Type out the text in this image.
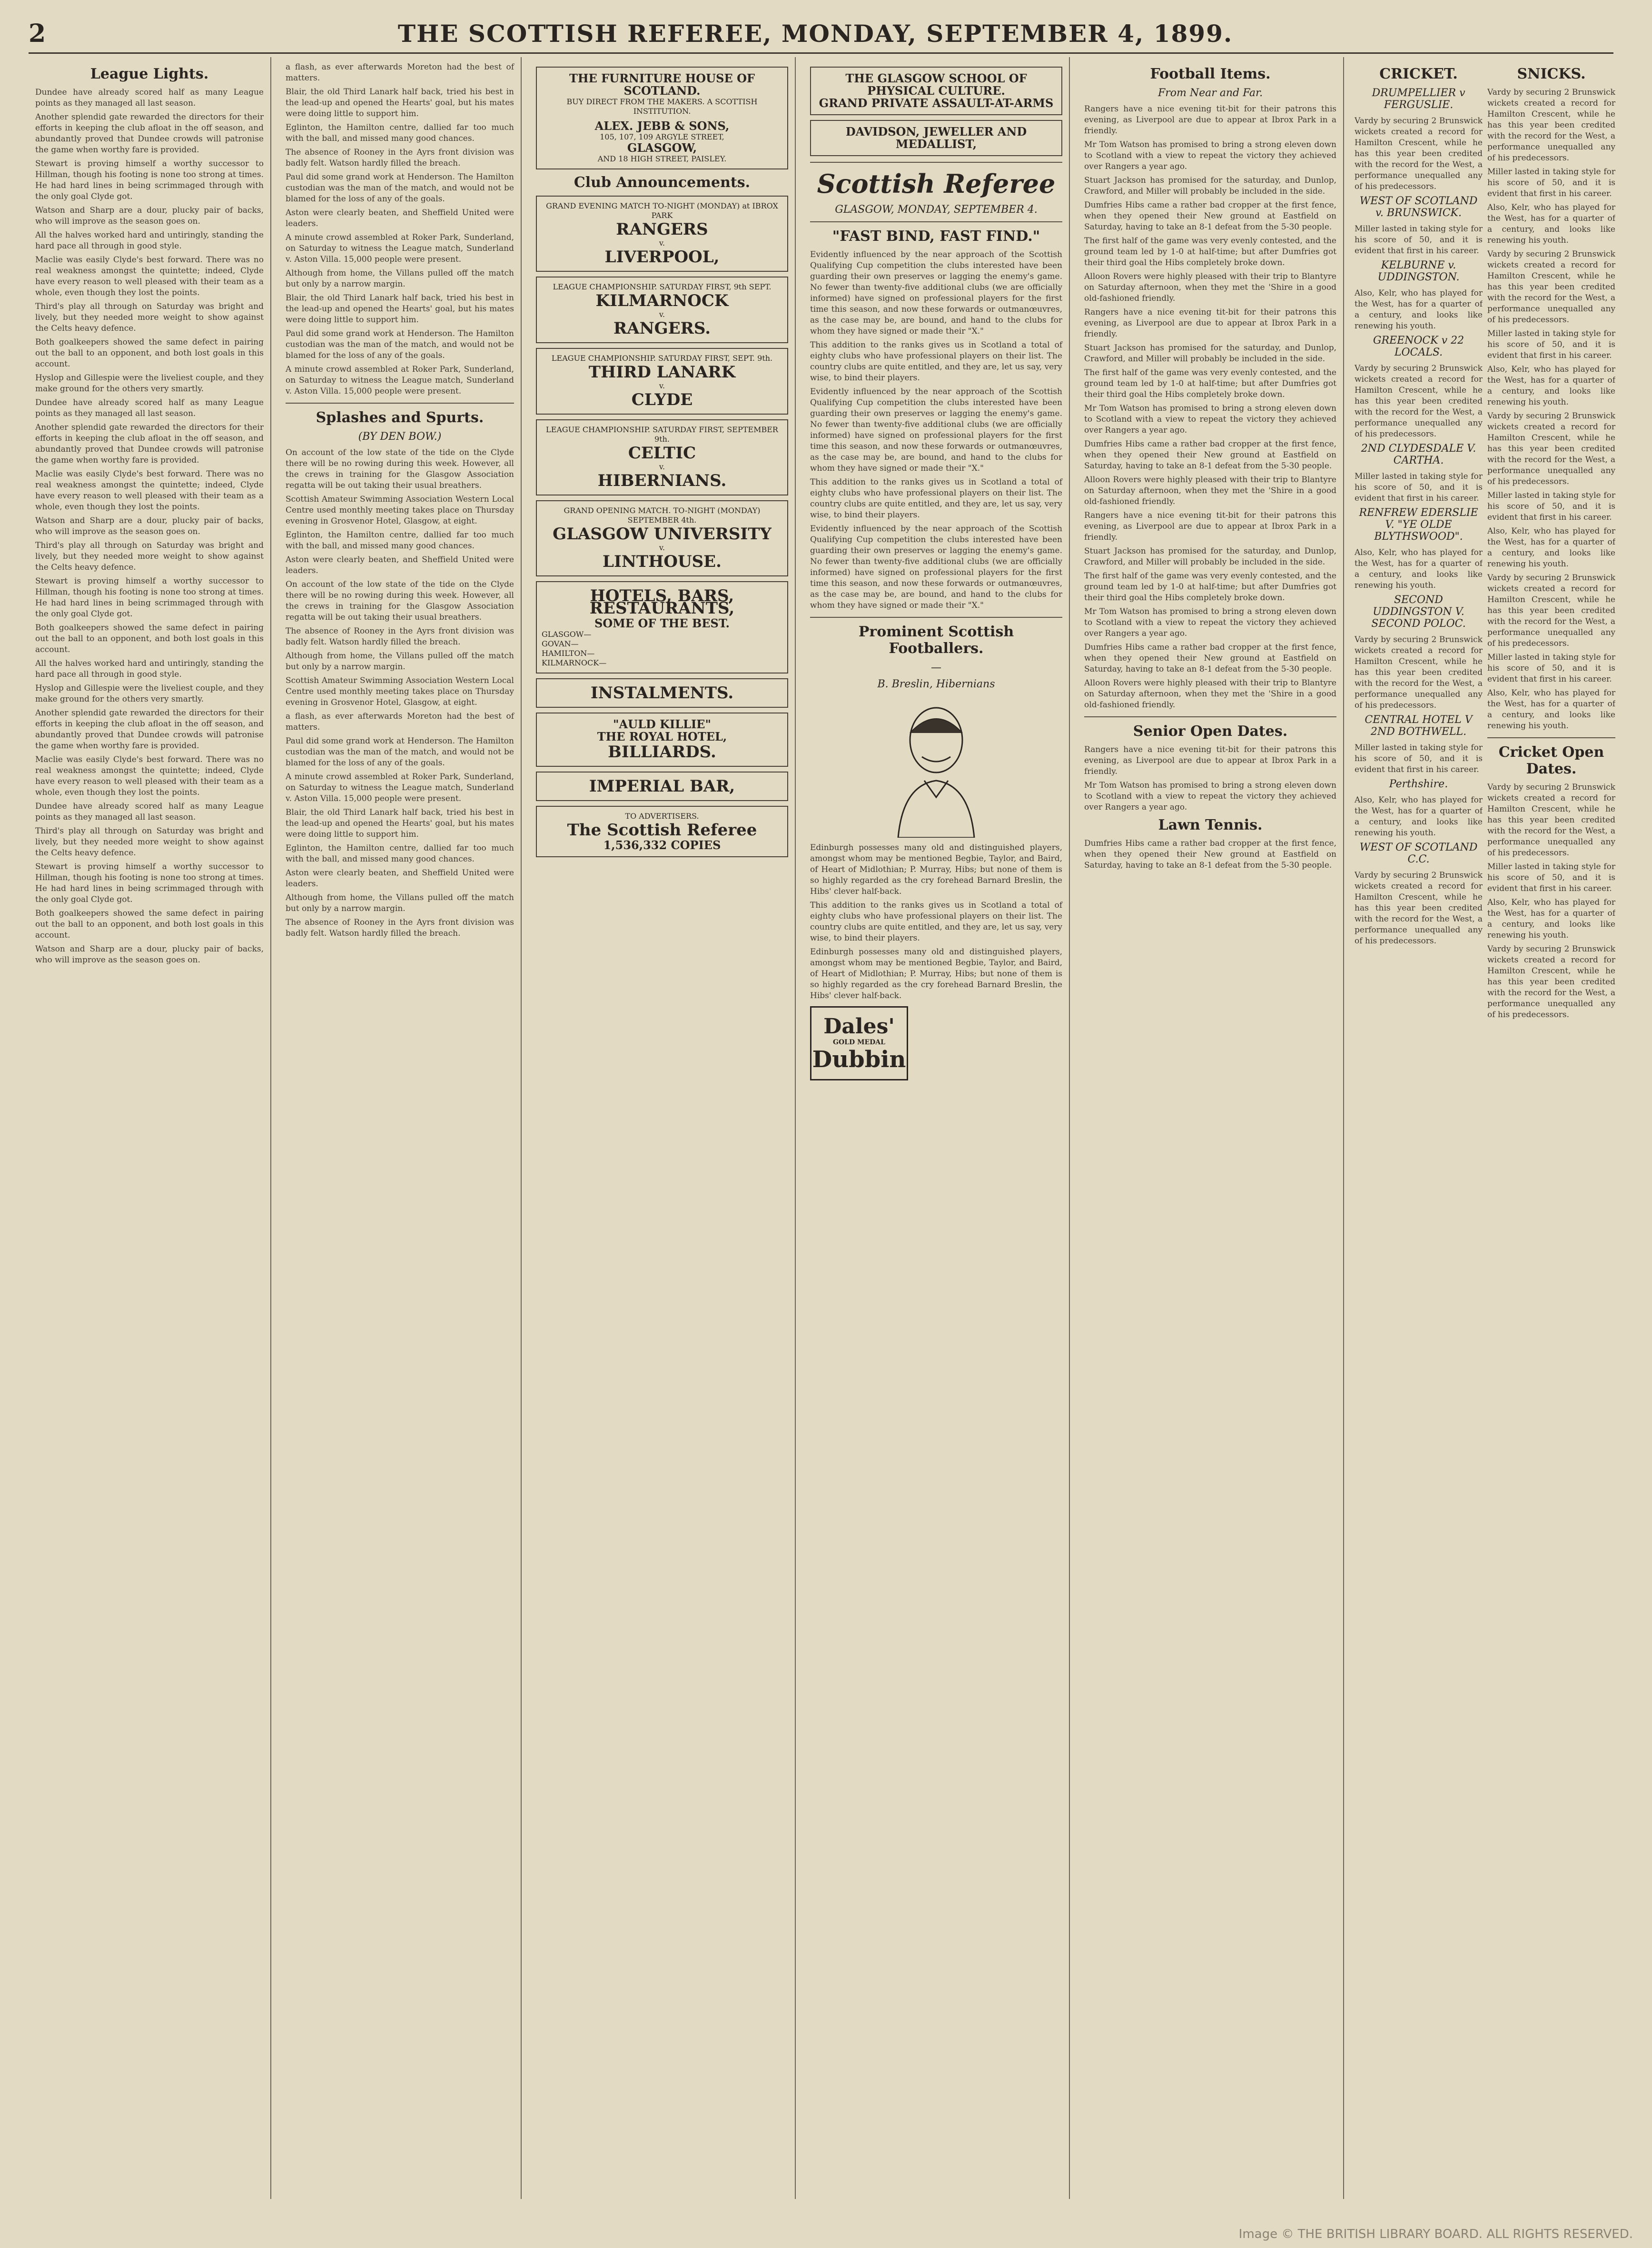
2	THE SCOTTISH REFEREE, MONDAY, SEPTEMBER 4, 1899.
League Lights.
Dundee have already scored half as many League points as they managed all last season.
Another splendid gate rewarded the directors for their efforts in keeping the club afloat in the off season, and abundantly proved that Dundee crowds will patronise the game when worthy fare is provided.
Stewart is proving himself a worthy successor to Hillman, though his footing is none too strong at times. He had hard lines in being scrimmaged through with the only goal Clyde got.
Watson and Sharp are a dour, plucky pair of backs, who will improve as the season goes on.
All the halves worked hard and untiringly, standing the hard pace all through in good style.
Maclie was easily Clyde's best forward. There was no real weakness amongst the quintette; indeed, Clyde have every reason to well pleased with their team as a whole, even though they lost the points.
Third's play all through on Saturday was bright and lively, but they needed more weight to show against the Celts heavy defence.
Both goalkeepers showed the same defect in pairing out the ball to an opponent, and both lost goals in this account.
Hyslop and Gillespie were the liveliest couple, and they make ground for the others very smartly.
Dundee have already scored half as many League points as they managed all last season.
Another splendid gate rewarded the directors for their efforts in keeping the club afloat in the off season, and abundantly proved that Dundee crowds will patronise the game when worthy fare is provided.
Maclie was easily Clyde's best forward. There was no real weakness amongst the quintette; indeed, Clyde have every reason to well pleased with their team as a whole, even though they lost the points.
Watson and Sharp are a dour, plucky pair of backs, who will improve as the season goes on.
Third's play all through on Saturday was bright and lively, but they needed more weight to show against the Celts heavy defence.
Stewart is proving himself a worthy successor to Hillman, though his footing is none too strong at times. He had hard lines in being scrimmaged through with the only goal Clyde got.
Both goalkeepers showed the same defect in pairing out the ball to an opponent, and both lost goals in this account.
All the halves worked hard and untiringly, standing the hard pace all through in good style.
Hyslop and Gillespie were the liveliest couple, and they make ground for the others very smartly.
Another splendid gate rewarded the directors for their efforts in keeping the club afloat in the off season, and abundantly proved that Dundee crowds will patronise the game when worthy fare is provided.
Maclie was easily Clyde's best forward. There was no real weakness amongst the quintette; indeed, Clyde have every reason to well pleased with their team as a whole, even though they lost the points.
Dundee have already scored half as many League points as they managed all last season.
Third's play all through on Saturday was bright and lively, but they needed more weight to show against the Celts heavy defence.
Stewart is proving himself a worthy successor to Hillman, though his footing is none too strong at times. He had hard lines in being scrimmaged through with the only goal Clyde got.
Both goalkeepers showed the same defect in pairing out the ball to an opponent, and both lost goals in this account.
Watson and Sharp are a dour, plucky pair of backs, who will improve as the season goes on.
a flash, as ever afterwards Moreton had the best of matters.
Blair, the old Third Lanark half back, tried his best in the lead-up and opened the Hearts' goal, but his mates were doing little to support him.
Eglinton, the Hamilton centre, dallied far too much with the ball, and missed many good chances.
The absence of Rooney in the Ayrs front division was badly felt. Watson hardly filled the breach.
Paul did some grand work at Henderson. The Hamilton custodian was the man of the match, and would not be blamed for the loss of any of the goals.
Aston were clearly beaten, and Sheffield United were leaders.
A minute crowd assembled at Roker Park, Sunderland, on Saturday to witness the League match, Sunderland v. Aston Villa. 15,000 people were present.
Although from home, the Villans pulled off the match but only by a narrow margin.
Blair, the old Third Lanark half back, tried his best in the lead-up and opened the Hearts' goal, but his mates were doing little to support him.
Paul did some grand work at Henderson. The Hamilton custodian was the man of the match, and would not be blamed for the loss of any of the goals.
A minute crowd assembled at Roker Park, Sunderland, on Saturday to witness the League match, Sunderland v. Aston Villa. 15,000 people were present.
Splashes and Spurts.
(BY DEN BOW.)
On account of the low state of the tide on the Clyde there will be no rowing during this week. However, all the crews in training for the Glasgow Association regatta will be out taking their usual breathers.
Scottish Amateur Swimming Association Western Local Centre used monthly meeting takes place on Thursday evening in Grosvenor Hotel, Glasgow, at eight.
Eglinton, the Hamilton centre, dallied far too much with the ball, and missed many good chances.
Aston were clearly beaten, and Sheffield United were leaders.
On account of the low state of the tide on the Clyde there will be no rowing during this week. However, all the crews in training for the Glasgow Association regatta will be out taking their usual breathers.
The absence of Rooney in the Ayrs front division was badly felt. Watson hardly filled the breach.
Although from home, the Villans pulled off the match but only by a narrow margin.
Scottish Amateur Swimming Association Western Local Centre used monthly meeting takes place on Thursday evening in Grosvenor Hotel, Glasgow, at eight.
a flash, as ever afterwards Moreton had the best of matters.
Paul did some grand work at Henderson. The Hamilton custodian was the man of the match, and would not be blamed for the loss of any of the goals.
A minute crowd assembled at Roker Park, Sunderland, on Saturday to witness the League match, Sunderland v. Aston Villa. 15,000 people were present.
Blair, the old Third Lanark half back, tried his best in the lead-up and opened the Hearts' goal, but his mates were doing little to support him.
Eglinton, the Hamilton centre, dallied far too much with the ball, and missed many good chances.
Aston were clearly beaten, and Sheffield United were leaders.
Although from home, the Villans pulled off the match but only by a narrow margin.
The absence of Rooney in the Ayrs front division was badly felt. Watson hardly filled the breach.
THE FURNITURE HOUSE OF SCOTLAND.
BUY DIRECT FROM THE MAKERS. A SCOTTISH INSTITUTION.
ALEX. JEBB & SONS,
105, 107, 109 ARGYLE STREET,
GLASGOW,
AND 18 HIGH STREET, PAISLEY.
Club Announcements.
GRAND EVENING MATCH TO-NIGHT (MONDAY) at IBROX PARK
RANGERS
v.
LIVERPOOL,
LEAGUE CHAMPIONSHIP. SATURDAY FIRST, 9th SEPT.
KILMARNOCK
v.
RANGERS.
LEAGUE CHAMPIONSHIP. SATURDAY FIRST, SEPT. 9th.
THIRD LANARK
v.
CLYDE
LEAGUE CHAMPIONSHIP. SATURDAY FIRST, SEPTEMBER 9th.
CELTIC
v.
HIBERNIANS.
GRAND OPENING MATCH. TO-NIGHT (MONDAY) SEPTEMBER 4th.
GLASGOW UNIVERSITY
v.
LINTHOUSE.
HOTELS, BARS, RESTAURANTS,
SOME OF THE BEST.
GLASGOW—
GOVAN—
HAMILTON—
KILMARNOCK—
INSTALMENTS.
"AULD KILLIE"
THE ROYAL HOTEL,
BILLIARDS.
IMPERIAL BAR,
TO ADVERTISERS.
The Scottish Referee
1,536,332 COPIES
THE GLASGOW SCHOOL OF PHYSICAL CULTURE.
GRAND PRIVATE ASSAULT-AT-ARMS
DAVIDSON, JEWELLER AND MEDALLIST,
Scottish Referee
GLASGOW, MONDAY, SEPTEMBER 4.
"FAST BIND, FAST FIND."
Evidently influenced by the near approach of the Scottish Qualifying Cup competition the clubs interested have been guarding their own preserves or lagging the enemy's game. No fewer than twenty-five additional clubs (we are officially informed) have signed on professional players for the first time this season, and now these forwards or outmanœuvres, as the case may be, are bound, and hand to the clubs for whom they have signed or made their "X."
This addition to the ranks gives us in Scotland a total of eighty clubs who have professional players on their list. The country clubs are quite entitled, and they are, let us say, very wise, to bind their players.
Evidently influenced by the near approach of the Scottish Qualifying Cup competition the clubs interested have been guarding their own preserves or lagging the enemy's game. No fewer than twenty-five additional clubs (we are officially informed) have signed on professional players for the first time this season, and now these forwards or outmanœuvres, as the case may be, are bound, and hand to the clubs for whom they have signed or made their "X."
This addition to the ranks gives us in Scotland a total of eighty clubs who have professional players on their list. The country clubs are quite entitled, and they are, let us say, very wise, to bind their players.
Evidently influenced by the near approach of the Scottish Qualifying Cup competition the clubs interested have been guarding their own preserves or lagging the enemy's game. No fewer than twenty-five additional clubs (we are officially informed) have signed on professional players for the first time this season, and now these forwards or outmanœuvres, as the case may be, are bound, and hand to the clubs for whom they have signed or made their "X."
Prominent Scottish Footballers.
—
B. Breslin, Hibernians
Edinburgh possesses many old and distinguished players, amongst whom may be mentioned Begbie, Taylor, and Baird, of Heart of Midlothian; P. Murray, Hibs; but none of them is so highly regarded as the cry forehead Barnard Breslin, the Hibs' clever half-back.
This addition to the ranks gives us in Scotland a total of eighty clubs who have professional players on their list. The country clubs are quite entitled, and they are, let us say, very wise, to bind their players.
Edinburgh possesses many old and distinguished players, amongst whom may be mentioned Begbie, Taylor, and Baird, of Heart of Midlothian; P. Murray, Hibs; but none of them is so highly regarded as the cry forehead Barnard Breslin, the Hibs' clever half-back.
Dales'
GOLD MEDAL
Dubbin
Football Items.
From Near and Far.
Rangers have a nice evening tit-bit for their patrons this evening, as Liverpool are due to appear at Ibrox Park in a friendly.
Mr Tom Watson has promised to bring a strong eleven down to Scotland with a view to repeat the victory they achieved over Rangers a year ago.
Stuart Jackson has promised for the saturday, and Dunlop, Crawford, and Miller will probably be included in the side.
Dumfries Hibs came a rather bad cropper at the first fence, when they opened their New ground at Eastfield on Saturday, having to take an 8-1 defeat from the 5-30 people.
The first half of the game was very evenly contested, and the ground team led by 1-0 at half-time; but after Dumfries got their third goal the Hibs completely broke down.
Alloon Rovers were highly pleased with their trip to Blantyre on Saturday afternoon, when they met the 'Shire in a good old-fashioned friendly.
Rangers have a nice evening tit-bit for their patrons this evening, as Liverpool are due to appear at Ibrox Park in a friendly.
Stuart Jackson has promised for the saturday, and Dunlop, Crawford, and Miller will probably be included in the side.
The first half of the game was very evenly contested, and the ground team led by 1-0 at half-time; but after Dumfries got their third goal the Hibs completely broke down.
Mr Tom Watson has promised to bring a strong eleven down to Scotland with a view to repeat the victory they achieved over Rangers a year ago.
Dumfries Hibs came a rather bad cropper at the first fence, when they opened their New ground at Eastfield on Saturday, having to take an 8-1 defeat from the 5-30 people.
Alloon Rovers were highly pleased with their trip to Blantyre on Saturday afternoon, when they met the 'Shire in a good old-fashioned friendly.
Rangers have a nice evening tit-bit for their patrons this evening, as Liverpool are due to appear at Ibrox Park in a friendly.
Stuart Jackson has promised for the saturday, and Dunlop, Crawford, and Miller will probably be included in the side.
The first half of the game was very evenly contested, and the ground team led by 1-0 at half-time; but after Dumfries got their third goal the Hibs completely broke down.
Mr Tom Watson has promised to bring a strong eleven down to Scotland with a view to repeat the victory they achieved over Rangers a year ago.
Dumfries Hibs came a rather bad cropper at the first fence, when they opened their New ground at Eastfield on Saturday, having to take an 8-1 defeat from the 5-30 people.
Alloon Rovers were highly pleased with their trip to Blantyre on Saturday afternoon, when they met the 'Shire in a good old-fashioned friendly.
Senior Open Dates.
Rangers have a nice evening tit-bit for their patrons this evening, as Liverpool are due to appear at Ibrox Park in a friendly.
Mr Tom Watson has promised to bring a strong eleven down to Scotland with a view to repeat the victory they achieved over Rangers a year ago.
Lawn Tennis.
Dumfries Hibs came a rather bad cropper at the first fence, when they opened their New ground at Eastfield on Saturday, having to take an 8-1 defeat from the 5-30 people.
CRICKET.
DRUMPELLIER v FERGUSLIE.
Vardy by securing 2 Brunswick wickets created a record for Hamilton Crescent, while he has this year been credited with the record for the West, a performance unequalled any of his predecessors.
WEST OF SCOTLAND v. BRUNSWICK.
Miller lasted in taking style for his score of 50, and it is evident that first in his career.
KELBURNE v. UDDINGSTON.
Also, Kelr, who has played for the West, has for a quarter of a century, and looks like renewing his youth.
GREENOCK v 22 LOCALS.
Vardy by securing 2 Brunswick wickets created a record for Hamilton Crescent, while he has this year been credited with the record for the West, a performance unequalled any of his predecessors.
2ND CLYDESDALE V. CARTHA.
Miller lasted in taking style for his score of 50, and it is evident that first in his career.
RENFREW EDERSLIE V. "YE OLDE BLYTHSWOOD".
Also, Kelr, who has played for the West, has for a quarter of a century, and looks like renewing his youth.
SECOND UDDINGSTON V. SECOND POLOC.
Vardy by securing 2 Brunswick wickets created a record for Hamilton Crescent, while he has this year been credited with the record for the West, a performance unequalled any of his predecessors.
CENTRAL HOTEL V 2ND BOTHWELL.
Miller lasted in taking style for his score of 50, and it is evident that first in his career.
Perthshire.
Also, Kelr, who has played for the West, has for a quarter of a century, and looks like renewing his youth.
WEST OF SCOTLAND C.C.
Vardy by securing 2 Brunswick wickets created a record for Hamilton Crescent, while he has this year been credited with the record for the West, a performance unequalled any of his predecessors.
SNICKS.
Vardy by securing 2 Brunswick wickets created a record for Hamilton Crescent, while he has this year been credited with the record for the West, a performance unequalled any of his predecessors.
Miller lasted in taking style for his score of 50, and it is evident that first in his career.
Also, Kelr, who has played for the West, has for a quarter of a century, and looks like renewing his youth.
Vardy by securing 2 Brunswick wickets created a record for Hamilton Crescent, while he has this year been credited with the record for the West, a performance unequalled any of his predecessors.
Miller lasted in taking style for his score of 50, and it is evident that first in his career.
Also, Kelr, who has played for the West, has for a quarter of a century, and looks like renewing his youth.
Vardy by securing 2 Brunswick wickets created a record for Hamilton Crescent, while he has this year been credited with the record for the West, a performance unequalled any of his predecessors.
Miller lasted in taking style for his score of 50, and it is evident that first in his career.
Also, Kelr, who has played for the West, has for a quarter of a century, and looks like renewing his youth.
Vardy by securing 2 Brunswick wickets created a record for Hamilton Crescent, while he has this year been credited with the record for the West, a performance unequalled any of his predecessors.
Miller lasted in taking style for his score of 50, and it is evident that first in his career.
Also, Kelr, who has played for the West, has for a quarter of a century, and looks like renewing his youth.
Cricket Open Dates.
Vardy by securing 2 Brunswick wickets created a record for Hamilton Crescent, while he has this year been credited with the record for the West, a performance unequalled any of his predecessors.
Miller lasted in taking style for his score of 50, and it is evident that first in his career.
Also, Kelr, who has played for the West, has for a quarter of a century, and looks like renewing his youth.
Vardy by securing 2 Brunswick wickets created a record for Hamilton Crescent, while he has this year been credited with the record for the West, a performance unequalled any of his predecessors.
Image © THE BRITISH LIBRARY BOARD. ALL RIGHTS RESERVED.
